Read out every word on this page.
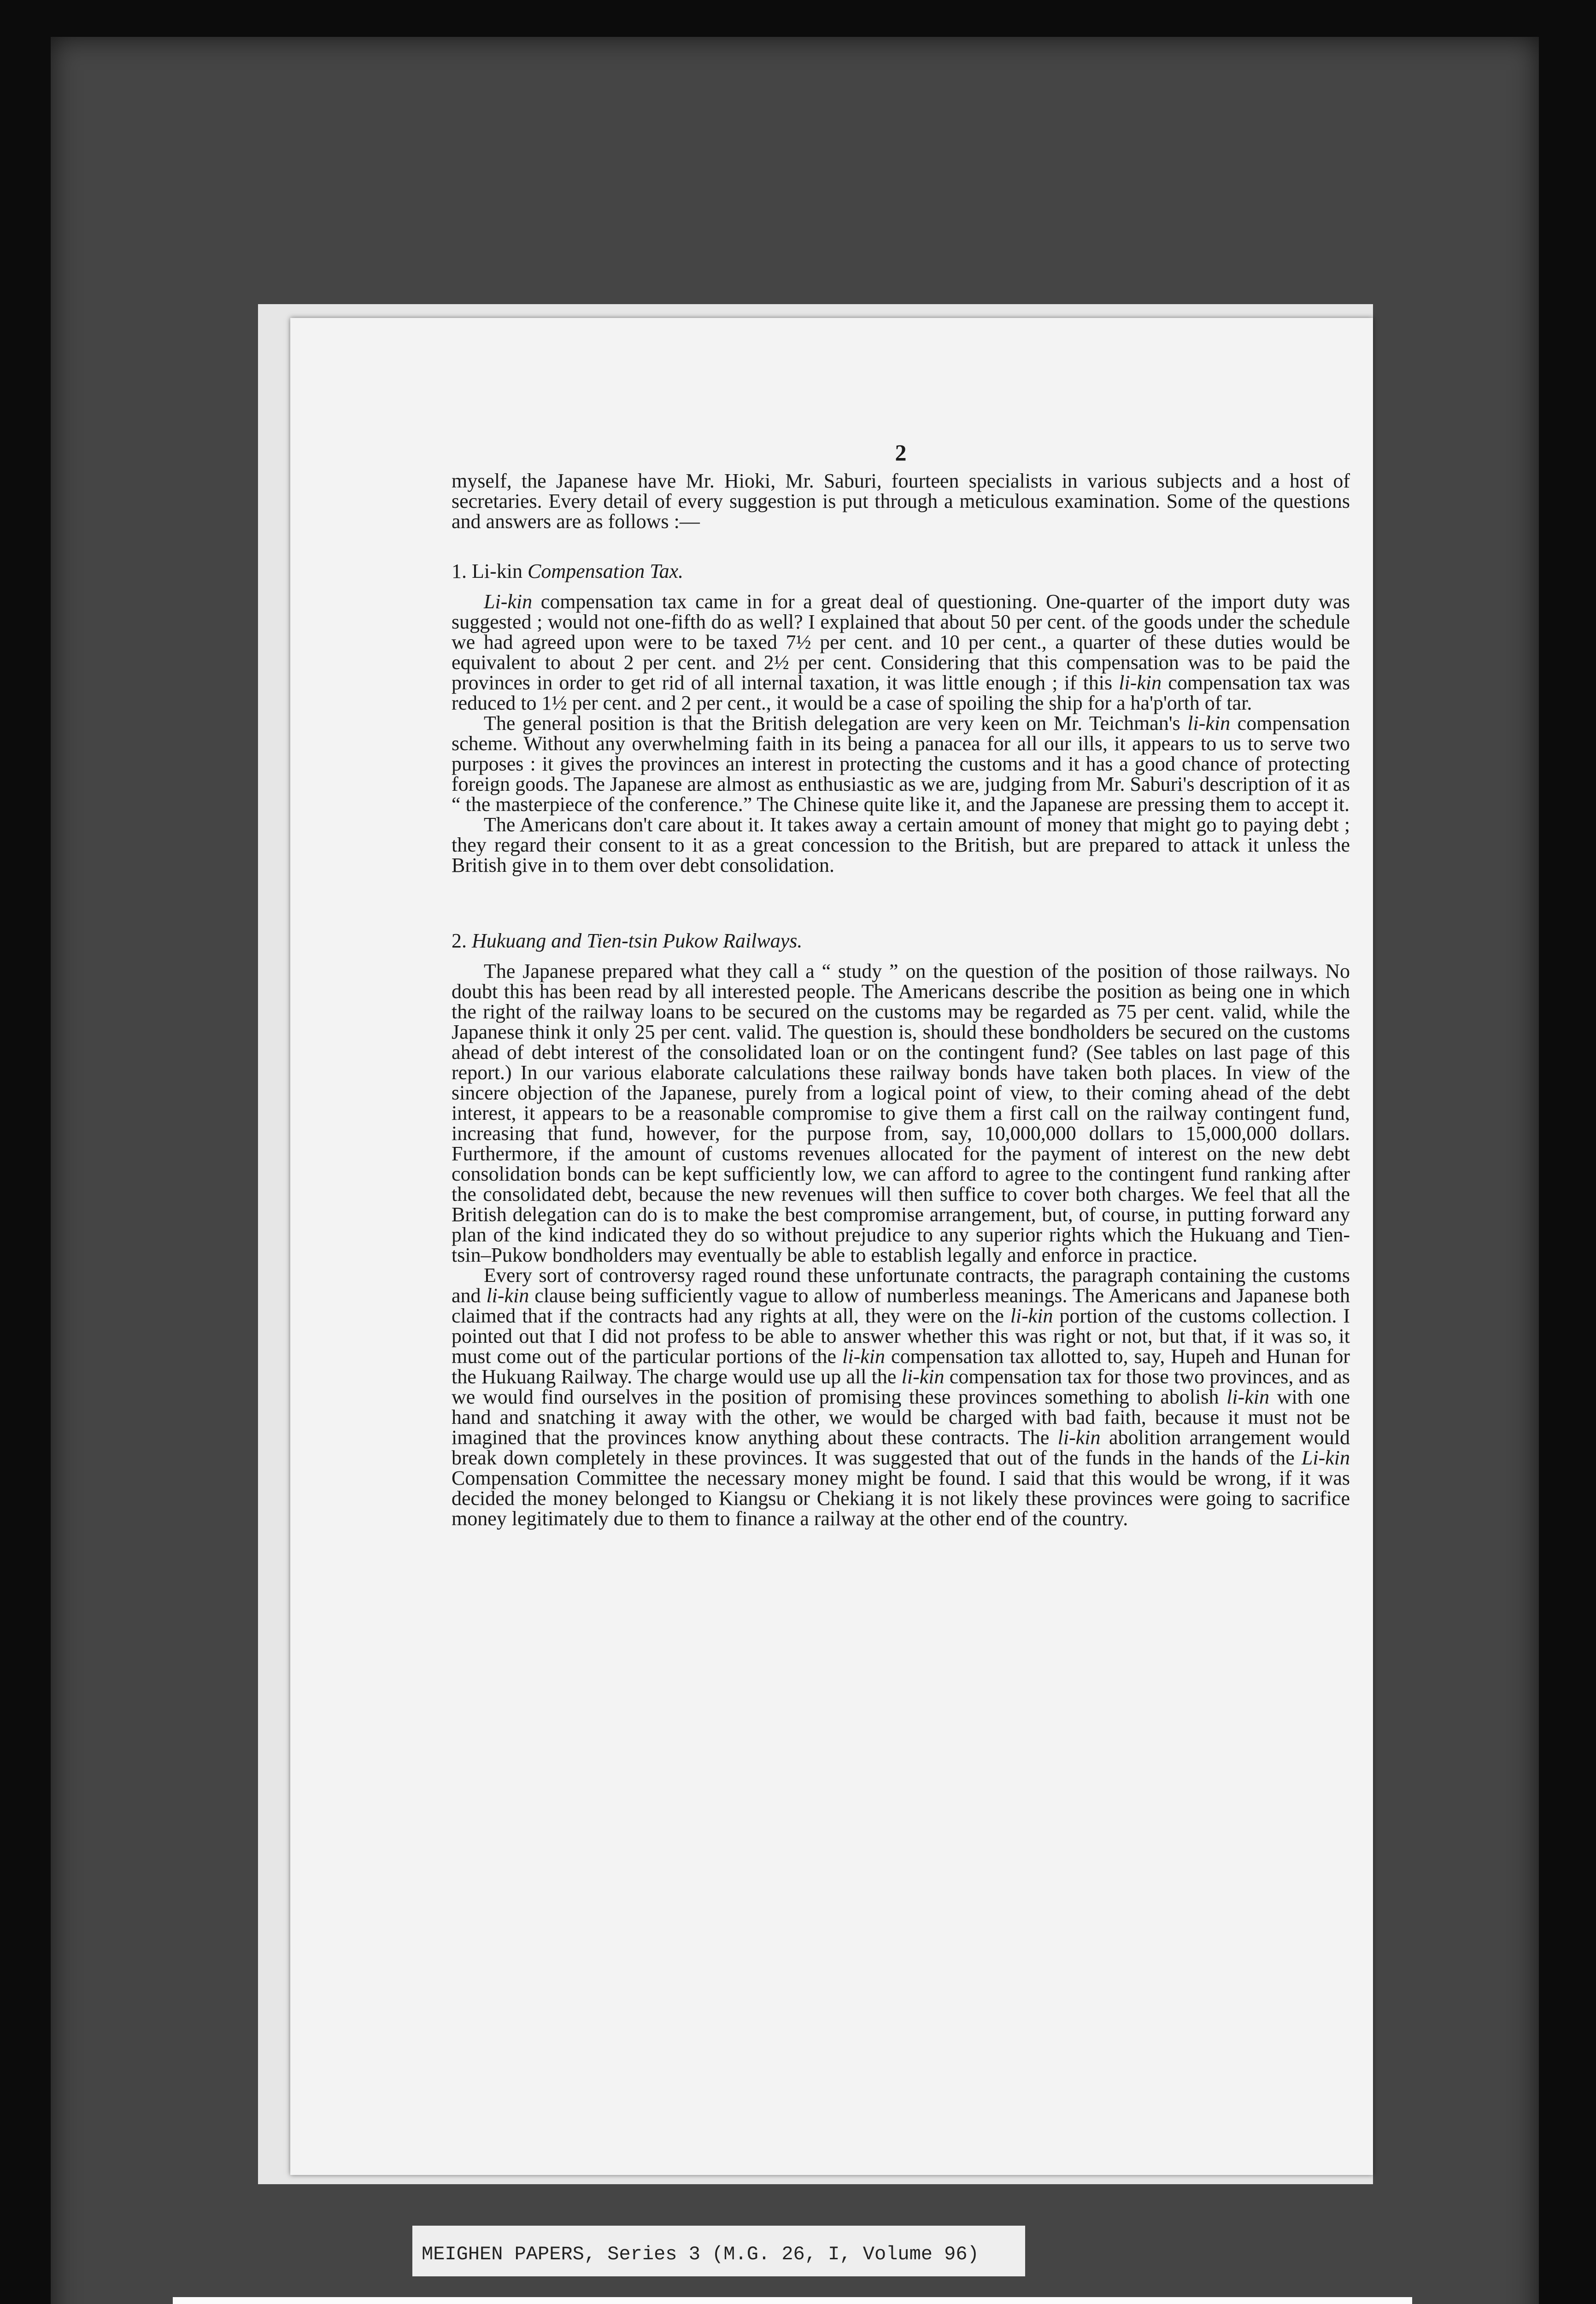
2

myself, the Japanese have Mr. Hioki, Mr. Saburi, fourteen specialists in various subjects and a host of secretaries. Every detail of every suggestion is put through a meticulous examination. Some of the questions and answers are as follows :—

1. Li-kin Compensation Tax.

Li-kin compensation tax came in for a great deal of questioning. One-quarter of the import duty was suggested ; would not one-fifth do as well? I explained that about 50 per cent. of the goods under the schedule we had agreed upon were to be taxed 7½ per cent. and 10 per cent., a quarter of these duties would be equivalent to about 2 per cent. and 2½ per cent. Considering that this compensation was to be paid the provinces in order to get rid of all internal taxation, it was little enough ; if this li-kin compensation tax was reduced to 1½ per cent. and 2 per cent., it would be a case of spoiling the ship for a ha'p'orth of tar.

The general position is that the British delegation are very keen on Mr. Teichman's li-kin compensation scheme. Without any overwhelming faith in its being a panacea for all our ills, it appears to us to serve two purposes : it gives the provinces an interest in protecting the customs and it has a good chance of protecting foreign goods. The Japanese are almost as enthusiastic as we are, judging from Mr. Saburi's description of it as “ the masterpiece of the conference.” The Chinese quite like it, and the Japanese are pressing them to accept it.

The Americans don't care about it. It takes away a certain amount of money that might go to paying debt ; they regard their consent to it as a great concession to the British, but are prepared to attack it unless the British give in to them over debt consolidation.

2. Hukuang and Tien-tsin Pukow Railways.

The Japanese prepared what they call a “ study ” on the question of the position of those railways. No doubt this has been read by all interested people. The Americans describe the position as being one in which the right of the railway loans to be secured on the customs may be regarded as 75 per cent. valid, while the Japanese think it only 25 per cent. valid. The question is, should these bondholders be secured on the customs ahead of debt interest of the consolidated loan or on the contingent fund? (See tables on last page of this report.) In our various elaborate calculations these railway bonds have taken both places. In view of the sincere objection of the Japanese, purely from a logical point of view, to their coming ahead of the debt interest, it appears to be a reasonable compromise to give them a first call on the railway contingent fund, increasing that fund, however, for the purpose from, say, 10,000,000 dollars to 15,000,000 dollars. Furthermore, if the amount of customs revenues allocated for the payment of interest on the new debt consolidation bonds can be kept sufficiently low, we can afford to agree to the contingent fund ranking after the consolidated debt, because the new revenues will then suffice to cover both charges. We feel that all the British delegation can do is to make the best compromise arrangement, but, of course, in putting forward any plan of the kind indicated they do so without prejudice to any superior rights which the Hukuang and Tien-tsin–Pukow bondholders may eventually be able to establish legally and enforce in practice.

Every sort of controversy raged round these unfortunate contracts, the paragraph containing the customs and li-kin clause being sufficiently vague to allow of numberless meanings. The Americans and Japanese both claimed that if the contracts had any rights at all, they were on the li-kin portion of the customs collection. I pointed out that I did not profess to be able to answer whether this was right or not, but that, if it was so, it must come out of the particular portions of the li-kin compensation tax allotted to, say, Hupeh and Hunan for the Hukuang Railway. The charge would use up all the li-kin compensation tax for those two provinces, and as we would find ourselves in the position of promising these provinces something to abolish li-kin with one hand and snatching it away with the other, we would be charged with bad faith, because it must not be imagined that the provinces know anything about these contracts. The li-kin abolition arrangement would break down completely in these provinces. It was suggested that out of the funds in the hands of the Li-kin Compensation Committee the necessary money might be found. I said that this would be wrong, if it was decided the money belonged to Kiangsu or Chekiang it is not likely these provinces were going to sacrifice money legitimately due to them to finance a railway at the other end of the country.

MEIGHEN PAPERS, Series 3 (M.G. 26, I, Volume 96)
